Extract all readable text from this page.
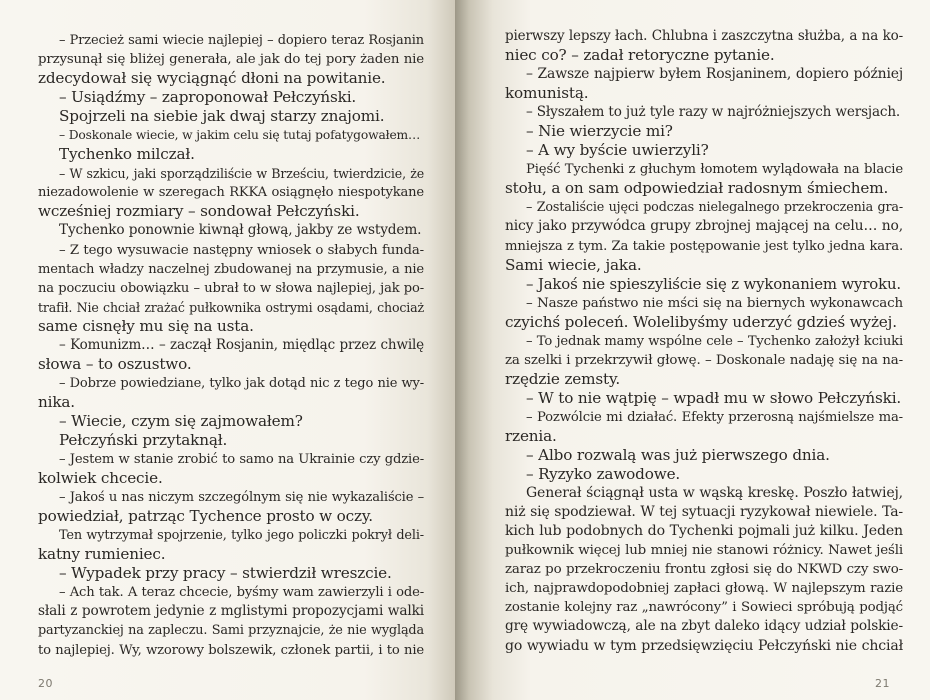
– Przecież sami wiecie najlepiej – dopiero teraz Rosjanin
przysunął się bliżej generała, ale jak do tej pory żaden nie
zdecydował się wyciągnąć dłoni na powitanie.
– Usiądźmy – zaproponował Pełczyński.
Spojrzeli na siebie jak dwaj starzy znajomi.
– Doskonale wiecie, w jakim celu się tutaj pofatygowałem…
Tychenko milczał.
– W szkicu, jaki sporządziliście w Brześciu, twierdzicie, że
niezadowolenie w szeregach RKKA osiągnęło niespotykane
wcześniej rozmiary – sondował Pełczyński.
Tychenko ponownie kiwnął głową, jakby ze wstydem.
– Z tego wysuwacie następny wniosek o słabych funda-
mentach władzy naczelnej zbudowanej na przymusie, a nie
na poczuciu obowiązku – ubrał to w słowa najlepiej, jak po-
trafił. Nie chciał zrażać pułkownika ostrymi osądami, chociaż
same cisnęły mu się na usta.
– Komunizm… – zaczął Rosjanin, międląc przez chwilę
słowa – to oszustwo.
– Dobrze powiedziane, tylko jak dotąd nic z tego nie wy-
nika.
– Wiecie, czym się zajmowałem?
Pełczyński przytaknął.
– Jestem w stanie zrobić to samo na Ukrainie czy gdzie-
kolwiek chcecie.
– Jakoś u nas niczym szczególnym się nie wykazaliście –
powiedział, patrząc Tychence prosto w oczy.
Ten wytrzymał spojrzenie, tylko jego policzki pokrył deli-
katny rumieniec.
– Wypadek przy pracy – stwierdził wreszcie.
– Ach tak. A teraz chcecie, byśmy wam zawierzyli i ode-
słali z powrotem jedynie z mglistymi propozycjami walki
partyzanckiej na zapleczu. Sami przyznajcie, że nie wygląda
to najlepiej. Wy, wzorowy bolszewik, członek partii, i to nie
20
pierwszy lepszy łach. Chlubna i zaszczytna służba, a na ko-
niec co? – zadał retoryczne pytanie.
– Zawsze najpierw byłem Rosjaninem, dopiero później
komunistą.
– Słyszałem to już tyle razy w najróżniejszych wersjach.
– Nie wierzycie mi?
– A wy byście uwierzyli?
Pięść Tychenki z głuchym łomotem wylądowała na blacie
stołu, a on sam odpowiedział radosnym śmiechem.
– Zostaliście ujęci podczas nielegalnego przekroczenia gra-
nicy jako przywódca grupy zbrojnej mającej na celu… no,
mniejsza z tym. Za takie postępowanie jest tylko jedna kara.
Sami wiecie, jaka.
– Jakoś nie spieszyliście się z wykonaniem wyroku.
– Nasze państwo nie mści się na biernych wykonawcach
czyichś poleceń. Wolelibyśmy uderzyć gdzieś wyżej.
– To jednak mamy wspólne cele – Tychenko założył kciuki
za szelki i przekrzywił głowę. – Doskonale nadaję się na na-
rzędzie zemsty.
– W to nie wątpię – wpadł mu w słowo Pełczyński.
– Pozwólcie mi działać. Efekty przerosną najśmielsze ma-
rzenia.
– Albo rozwalą was już pierwszego dnia.
– Ryzyko zawodowe.
Generał ściągnął usta w wąską kreskę. Poszło łatwiej,
niż się spodziewał. W tej sytuacji ryzykował niewiele. Ta-
kich lub podobnych do Tychenki pojmali już kilku. Jeden
pułkownik więcej lub mniej nie stanowi różnicy. Nawet jeśli
zaraz po przekroczeniu frontu zgłosi się do NKWD czy swo-
ich, najprawdopodobniej zapłaci głową. W najlepszym razie
zostanie kolejny raz „nawrócony” i Sowieci spróbują podjąć
grę wywiadowczą, ale na zbyt daleko idący udział polskie-
go wywiadu w tym przedsięwzięciu Pełczyński nie chciał
21
